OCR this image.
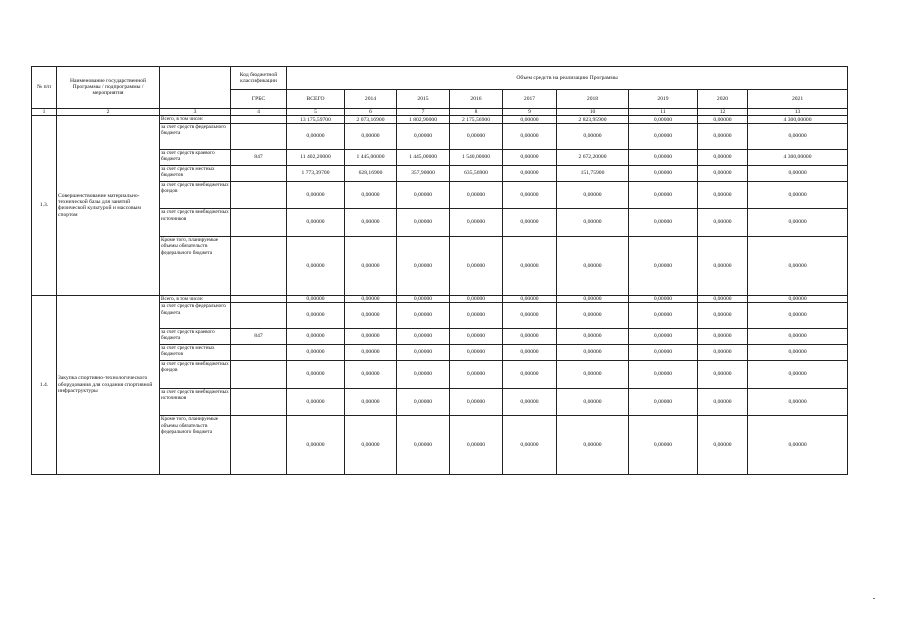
№ п/п	Наименование государственной Программы / подпрограммы / мероприятия		Код бюджетной классификации	Объем средств на реализацию Программы								
			ГРБС	ВСЕГО	2014	2015	2016	2017	2018	2019	2020	2021
1	2	3	4	5	6	7	8	9	10	11	12	13
1.3.	Совершенствование материально-технической базы для занятий физической культурой и массовым спортом	Всего, в том числе:		13 175,59700	2 073,16900	1 802,90000	2 175,56900	0,00000	2 823,95900	0,00000	0,00000	4 300,00000
		за счет средств федерального бюджета		0,00000	0,00000	0,00000	0,00000	0,00000	0,00000	0,00000	0,00000	0,00000
		за счет средств краевого бюджета	847	11 402,20000	1 445,00000	1 445,00000	1 540,00000	0,00000	2 672,20000	0,00000	0,00000	4 300,00000
		за счет средств местных бюджетов		1 773,39700	628,16900	357,90000	635,56900	0,00000	151,75900	0,00000	0,00000	0,00000
		за счет средств внебюджетных фондов		0,00000	0,00000	0,00000	0,00000	0,00000	0,00000	0,00000	0,00000	0,00000
		за счет средств внебюджетных источников		0,00000	0,00000	0,00000	0,00000	0,00000	0,00000	0,00000	0,00000	0,00000
		Кроме того, планируемые объемы обязательств федерального бюджета		0,00000	0,00000	0,00000	0,00000	0,00000	0,00000	0,00000	0,00000	0,00000
1.4.	Закупка спортивно-технологического оборудования для создания спортивной инфраструктуры	Всего, в том числе:		0,00000	0,00000	0,00000	0,00000	0,00000	0,00000	0,00000	0,00000	0,00000
		за счет средств федерального бюджета		0,00000	0,00000	0,00000	0,00000	0,00000	0,00000	0,00000	0,00000	0,00000
		за счет средств краевого бюджета	847	0,00000	0,00000	0,00000	0,00000	0,00000	0,00000	0,00000	0,00000	0,00000
		за счет средств местных бюджетов		0,00000	0,00000	0,00000	0,00000	0,00000	0,00000	0,00000	0,00000	0,00000
		за счет средств внебюджетных фондов		0,00000	0,00000	0,00000	0,00000	0,00000	0,00000	0,00000	0,00000	0,00000
		за счет средств внебюджетных источников		0,00000	0,00000	0,00000	0,00000	0,00000	0,00000	0,00000	0,00000	0,00000
		Кроме того, планируемые объемы обязательств федерального бюджета		0,00000	0,00000	0,00000	0,00000	0,00000	0,00000	0,00000	0,00000	0,00000
